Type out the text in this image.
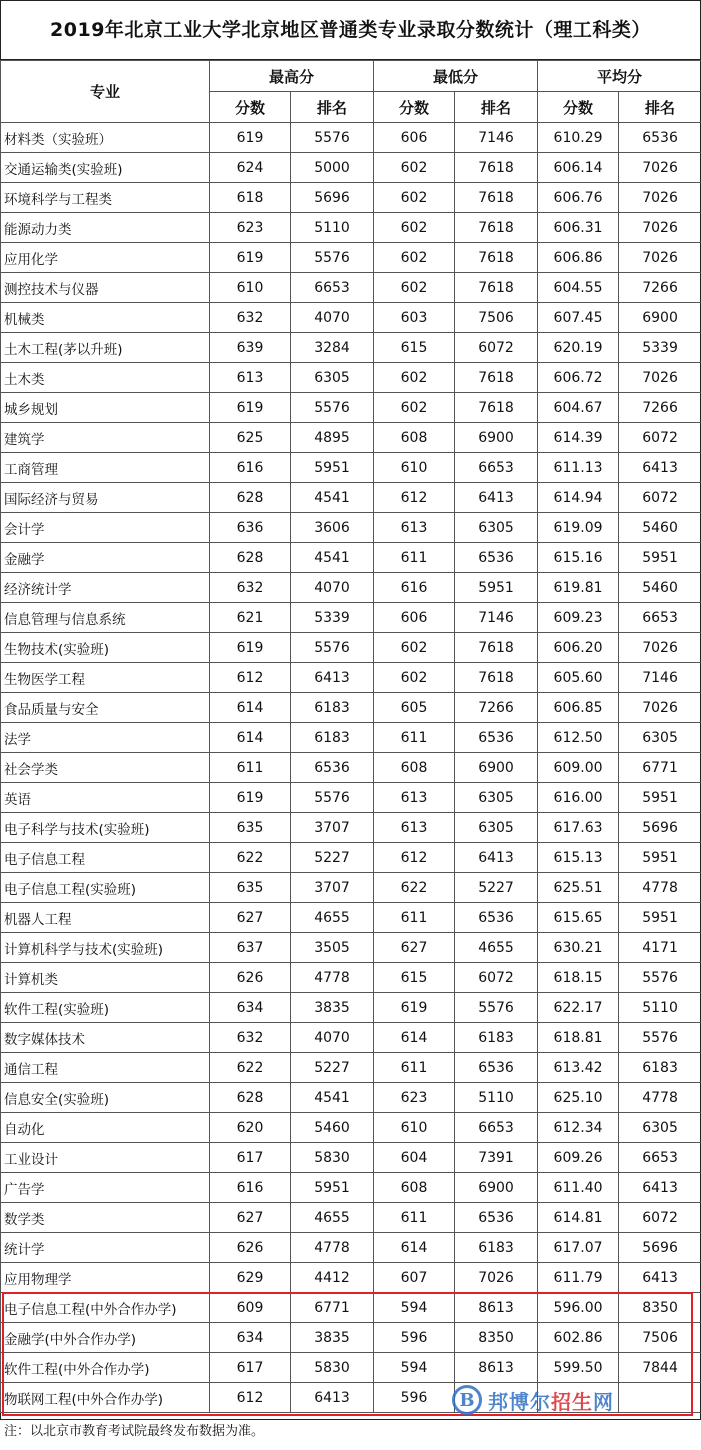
2019年北京工业大学北京地区普通类专业录取分数统计（理工科类）
专业	最高分		最低分		平均分	
	分数	排名	分数	排名	分数	排名
材料类（实验班）	619	5576	606	7146	610.29	6536
交通运输类(实验班)	624	5000	602	7618	606.14	7026
环境科学与工程类	618	5696	602	7618	606.76	7026
能源动力类	623	5110	602	7618	606.31	7026
应用化学	619	5576	602	7618	606.86	7026
测控技术与仪器	610	6653	602	7618	604.55	7266
机械类	632	4070	603	7506	607.45	6900
土木工程(茅以升班)	639	3284	615	6072	620.19	5339
土木类	613	6305	602	7618	606.72	7026
城乡规划	619	5576	602	7618	604.67	7266
建筑学	625	4895	608	6900	614.39	6072
工商管理	616	5951	610	6653	611.13	6413
国际经济与贸易	628	4541	612	6413	614.94	6072
会计学	636	3606	613	6305	619.09	5460
金融学	628	4541	611	6536	615.16	5951
经济统计学	632	4070	616	5951	619.81	5460
信息管理与信息系统	621	5339	606	7146	609.23	6653
生物技术(实验班)	619	5576	602	7618	606.20	7026
生物医学工程	612	6413	602	7618	605.60	7146
食品质量与安全	614	6183	605	7266	606.85	7026
法学	614	6183	611	6536	612.50	6305
社会学类	611	6536	608	6900	609.00	6771
英语	619	5576	613	6305	616.00	5951
电子科学与技术(实验班)	635	3707	613	6305	617.63	5696
电子信息工程	622	5227	612	6413	615.13	5951
电子信息工程(实验班)	635	3707	622	5227	625.51	4778
机器人工程	627	4655	611	6536	615.65	5951
计算机科学与技术(实验班)	637	3505	627	4655	630.21	4171
计算机类	626	4778	615	6072	618.15	5576
软件工程(实验班)	634	3835	619	5576	622.17	5110
数字媒体技术	632	4070	614	6183	618.81	5576
通信工程	622	5227	611	6536	613.42	6183
信息安全(实验班)	628	4541	623	5110	625.10	4778
自动化	620	5460	610	6653	612.34	6305
工业设计	617	5830	604	7391	609.26	6653
广告学	616	5951	608	6900	611.40	6413
数学类	627	4655	611	6536	614.81	6072
统计学	626	4778	614	6183	617.07	5696
应用物理学	629	4412	607	7026	611.79	6413
电子信息工程(中外合作办学)	609	6771	594	8613	596.00	8350
金融学(中外合作办学)	634	3835	596	8350	602.86	7506
软件工程(中外合作办学)	617	5830	594	8613	599.50	7844
物联网工程(中外合作办学)	612	6413	596				B 邦博尔招生网
注：以北京市教育考试院最终发布数据为准。
